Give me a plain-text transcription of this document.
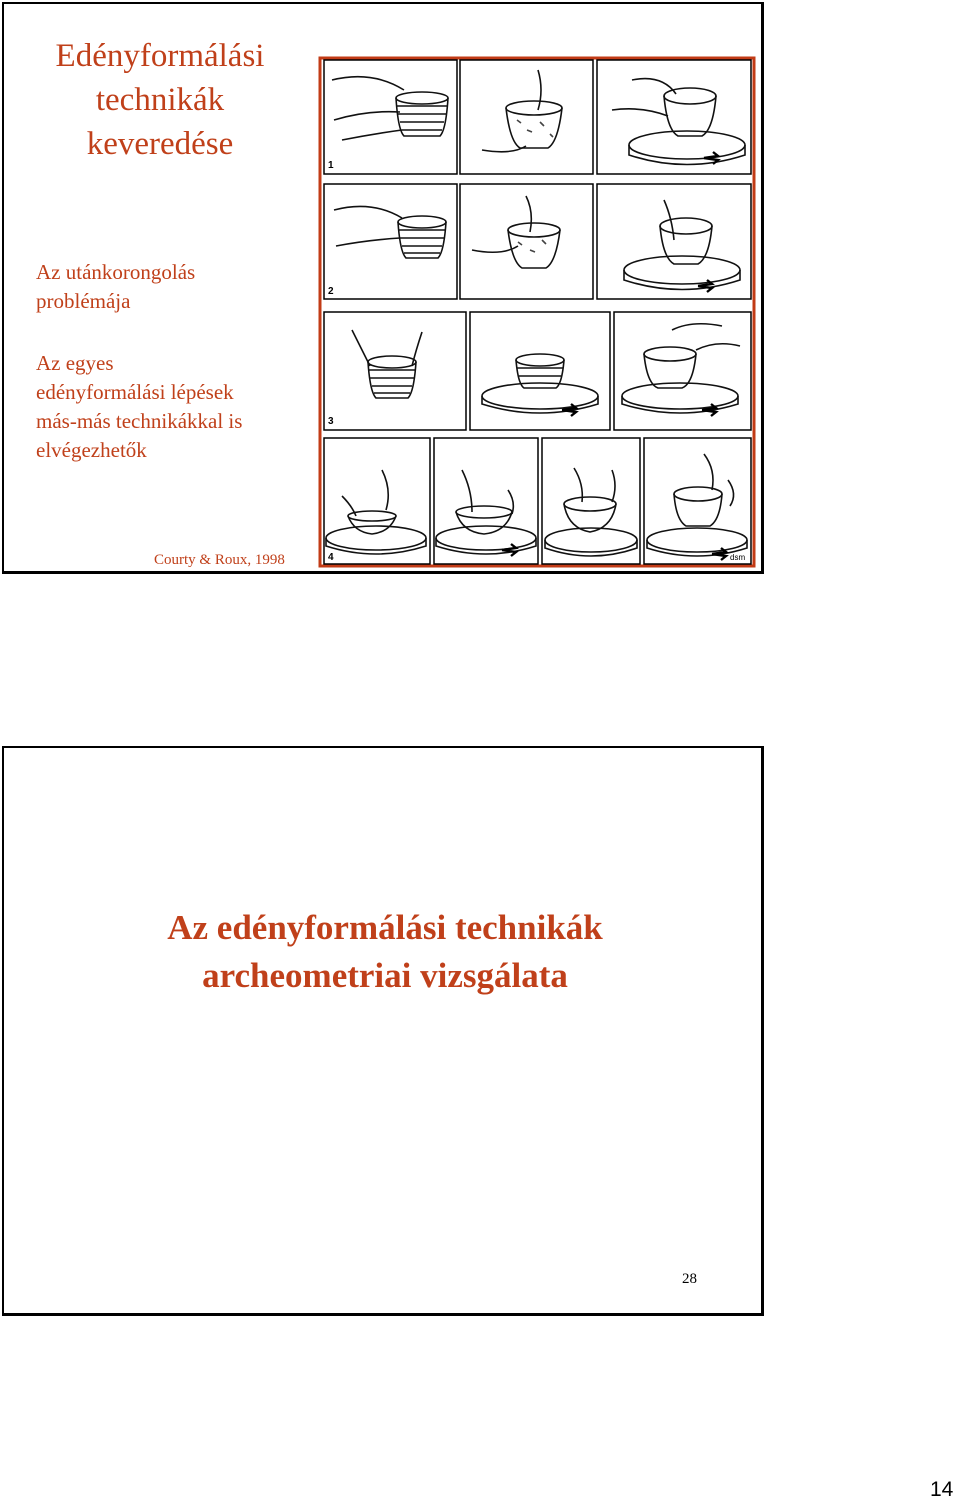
Edényformálási
technikák
keveredése
Az utánkorongolás
problémája
Az egyes
edényformálási lépések
más-más technikákkal is
elvégezhetők
Courty & Roux, 1998
1
2
3
4	dsm
Az edényformálási technikák
archeometriai vizsgálata
28
14
